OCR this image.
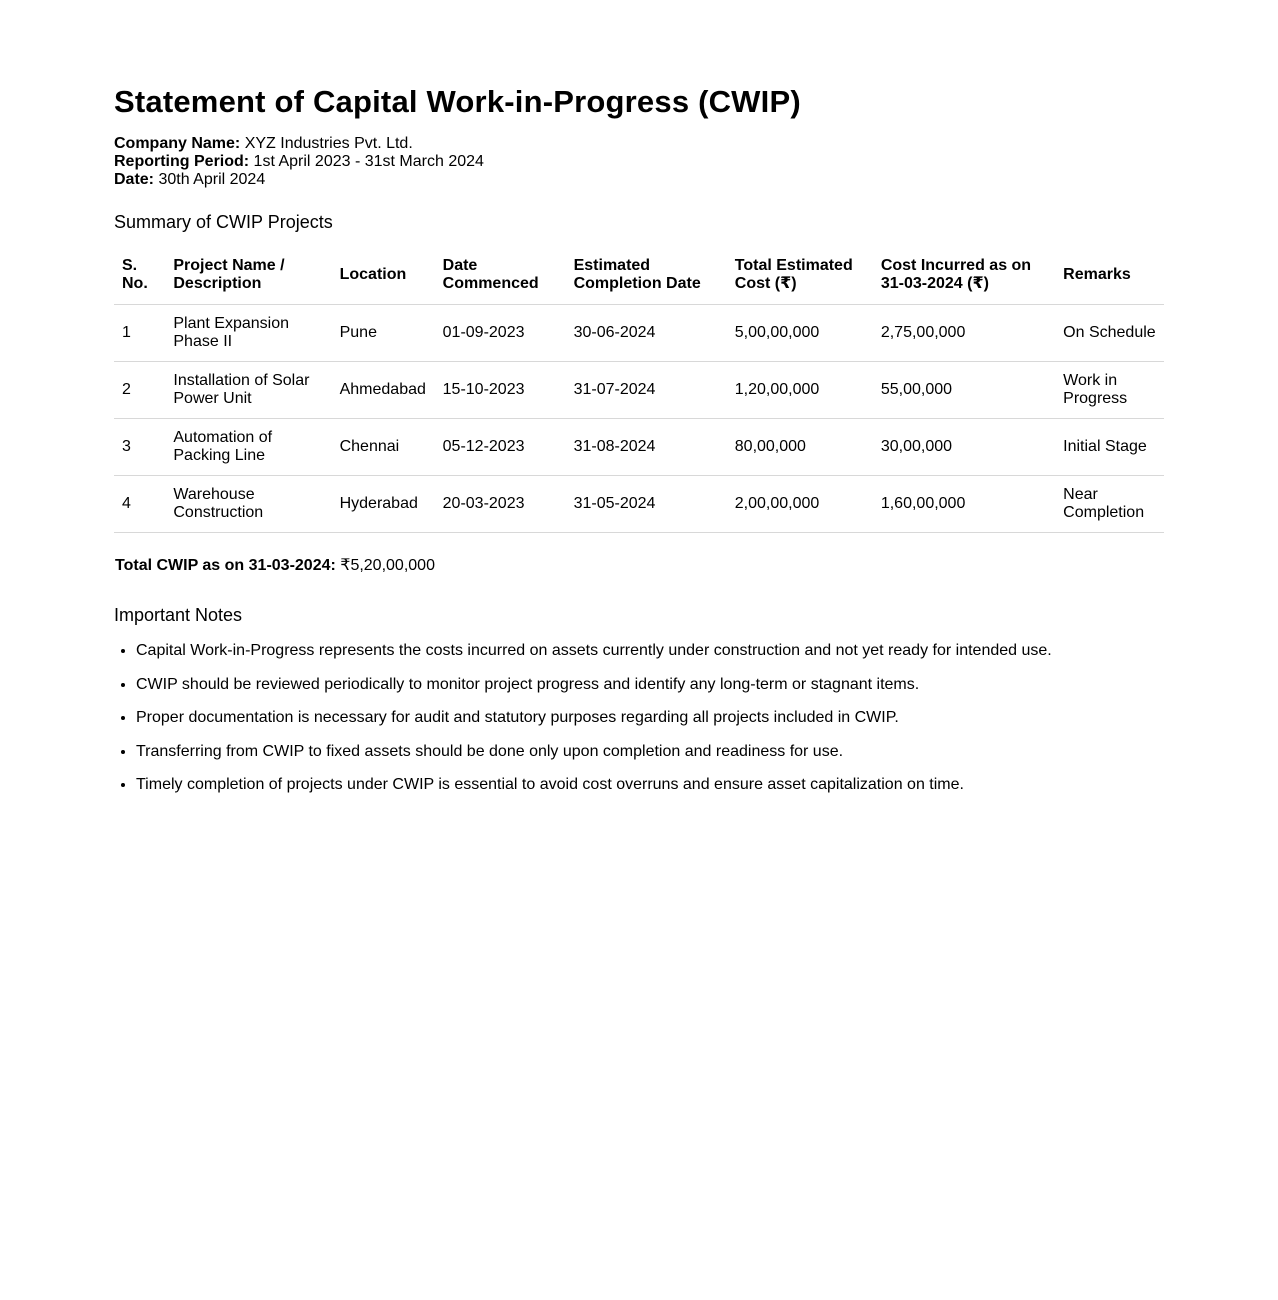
Statement of Capital Work-in-Progress (CWIP)
Company Name: XYZ Industries Pvt. Ltd.
Reporting Period: 1st April 2023 - 31st March 2024
Date: 30th April 2024
Summary of CWIP Projects
S. No.	Project Name / Description	Location	Date Commenced	Estimated Completion Date	Total Estimated Cost (₹)	Cost Incurred as on 31-03-2024 (₹)	Remarks
1	Plant Expansion Phase II	Pune	01-09-2023	30-06-2024	5,00,00,000	2,75,00,000	On Schedule
2	Installation of Solar Power Unit	Ahmedabad	15-10-2023	31-07-2024	1,20,00,000	55,00,000	Work in Progress
3	Automation of Packing Line	Chennai	05-12-2023	31-08-2024	80,00,000	30,00,000	Initial Stage
4	Warehouse Construction	Hyderabad	20-03-2023	31-05-2024	2,00,00,000	1,60,00,000	Near Completion
Total CWIP as on 31-03-2024: ₹5,20,00,000
Important Notes
• Capital Work-in-Progress represents the costs incurred on assets currently under construction and not yet ready for intended use.
• CWIP should be reviewed periodically to monitor project progress and identify any long-term or stagnant items.
• Proper documentation is necessary for audit and statutory purposes regarding all projects included in CWIP.
• Transferring from CWIP to fixed assets should be done only upon completion and readiness for use.
• Timely completion of projects under CWIP is essential to avoid cost overruns and ensure asset capitalization on time.
